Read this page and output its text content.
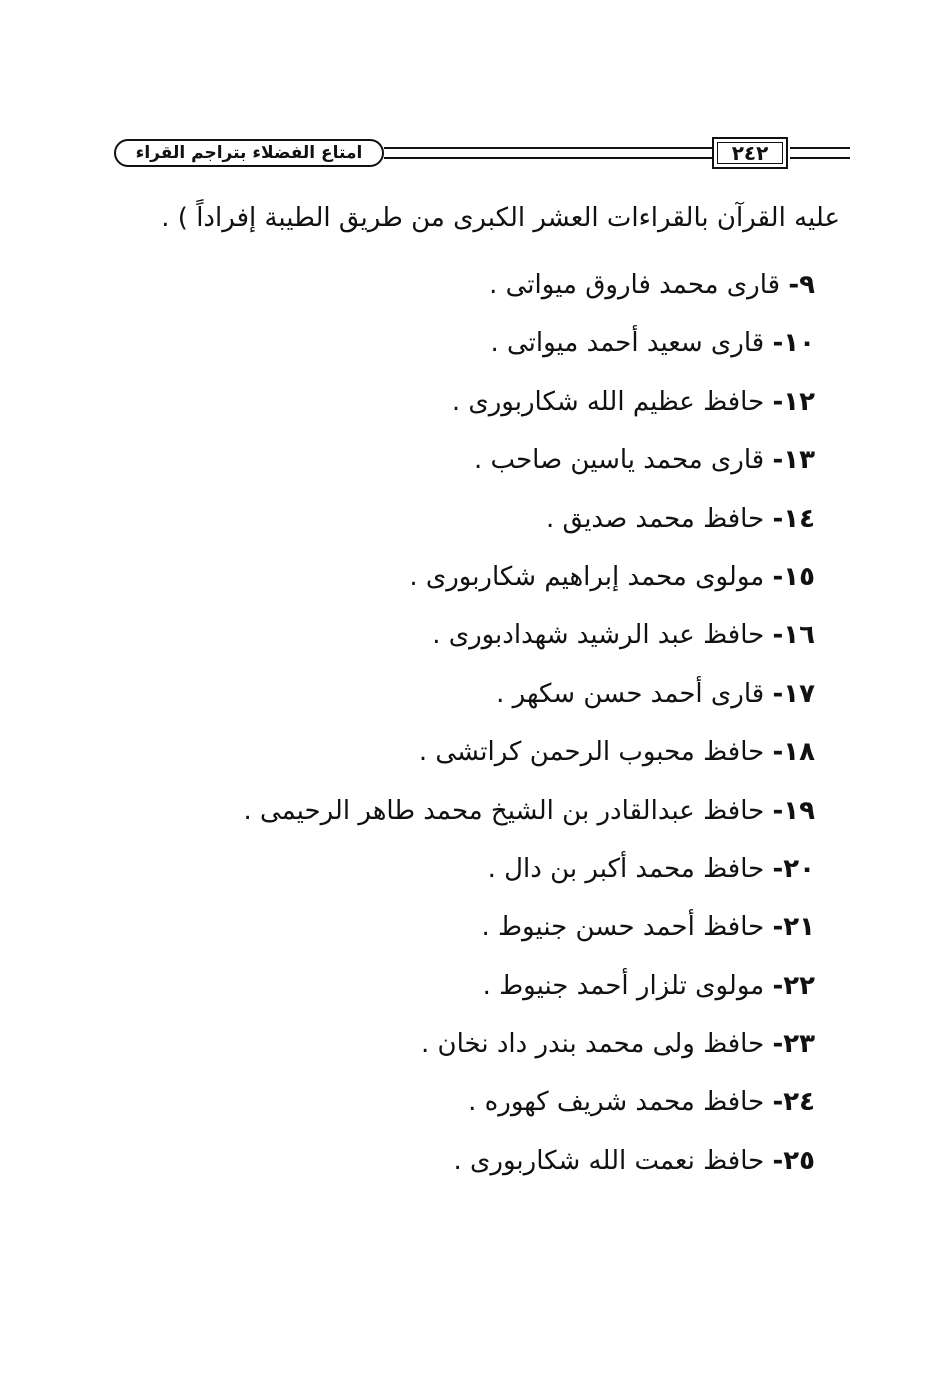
امتاع الفضلاء بتراجم القراء	٢٤٢
عليه القرآن بالقراءات العشر الكبرى من طريق الطيبة إفراداً ) .
٩- قارى محمد فاروق ميواتى .
١٠- قارى سعيد أحمد ميواتى .
١٢- حافظ عظيم الله شكاربورى .
١٣- قارى محمد ياسين صاحب .
١٤- حافظ محمد صديق .
١٥- مولوى محمد إبراهيم شكاربورى .
١٦- حافظ عبد الرشيد شهدادبورى .
١٧- قارى أحمد حسن سكهر .
١٨- حافظ محبوب الرحمن كراتشى .
١٩- حافظ عبدالقادر بن الشيخ محمد طاهر الرحيمى .
٢٠- حافظ محمد أكبر بن دال .
٢١- حافظ أحمد حسن جنيوط .
٢٢- مولوى تلزار أحمد جنيوط .
٢٣- حافظ ولى محمد بندر داد نخان .
٢٤- حافظ محمد شريف كهوره .
٢٥- حافظ نعمت الله شكاربورى .
